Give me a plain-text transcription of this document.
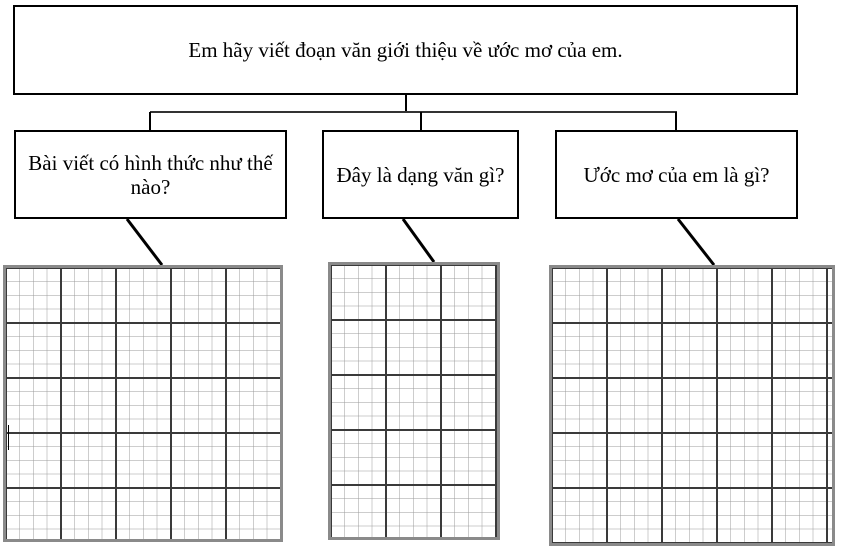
Em hãy viết đoạn văn giới thiệu về ước mơ của em.
Bài viết có hình thức như thế nào?	Đây là dạng văn gì?	Ước mơ của em là gì?
